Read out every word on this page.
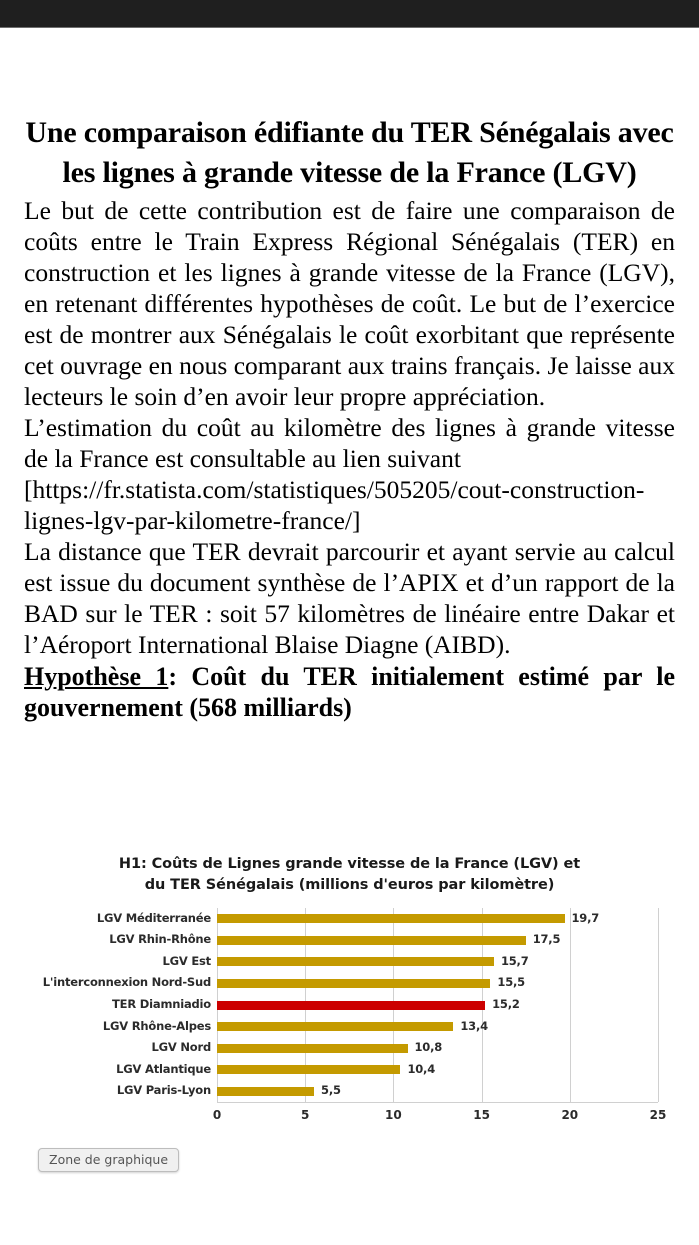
Une comparaison édifiante du TER Sénégalais avec les lignes à grande vitesse de la France (LGV)

Le but de cette contribution est de faire une comparaison de coûts entre le Train Express Régional Sénégalais (TER) en construction et les lignes à grande vitesse de la France (LGV), en retenant différentes hypothèses de coût. Le but de l’exercice est de montrer aux Sénégalais le coût exorbitant que représente cet ouvrage en nous comparant aux trains français. Je laisse aux lecteurs le soin d’en avoir leur propre appréciation.

L’estimation du coût au kilomètre des lignes à grande vitesse de la France est consultable au lien suivant

[https://fr.statista.com/statistiques/505205/cout-construction-lignes-lgv-par-kilometre-france/]

La distance que TER devrait parcourir et ayant servie au calcul est issue du document synthèse de l’APIX et d’un rapport de la BAD sur le TER : soit 57 kilomètres de linéaire entre Dakar et l’Aéroport International Blaise Diagne (AIBD).

Hypothèse 1: Coût du TER initialement estimé par le gouvernement (568 milliards)

H1: Coûts de Lignes grande vitesse de la France (LGV) et
du TER Sénégalais (millions d'euros par kilomètre)
LGV Méditerranée
LGV Rhin-Rhône
LGV Est
L'interconnexion Nord-Sud
TER Diamniadio
LGV Rhône-Alpes
LGV Nord
LGV Atlantique
LGV Paris-Lyon
19,7
17,5
15,7
15,5
15,2
13,4
10,8
10,4
5,5
0	5	10	15	20	25
Zone de graphique
